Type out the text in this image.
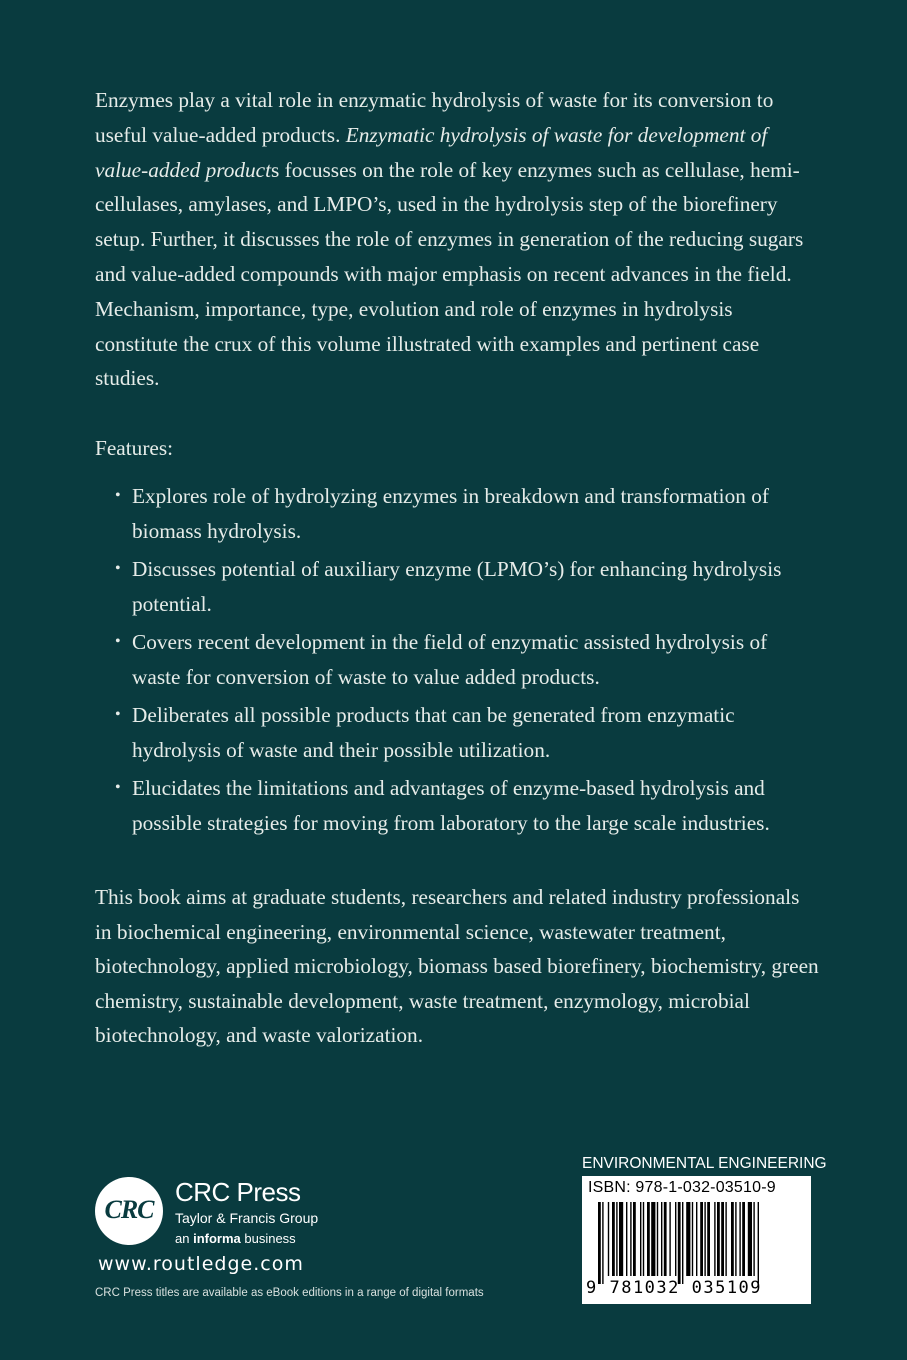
Enzymes play a vital role in enzymatic hydrolysis of waste for its conversion to useful value-added products. Enzymatic hydrolysis of waste for development of value-added products focusses on the role of key enzymes such as cellulase, hemi-cellulases, amylases, and LMPO’s, used in the hydrolysis step of the biorefinery setup. Further, it discusses the role of enzymes in generation of the reducing sugars and value-added compounds with major emphasis on recent advances in the field. Mechanism, importance, type, evolution and role of enzymes in hydrolysis constitute the crux of this volume illustrated with examples and pertinent case studies.

Features:

• Explores role of hydrolyzing enzymes in breakdown and transformation of biomass hydrolysis.
• Discusses potential of auxiliary enzyme (LPMO’s) for enhancing hydrolysis potential.
• Covers recent development in the field of enzymatic assisted hydrolysis of waste for conversion of waste to value added products.
• Deliberates all possible products that can be generated from enzymatic hydrolysis of waste and their possible utilization.
• Elucidates the limitations and advantages of enzyme-based hydrolysis and possible strategies for moving from laboratory to the large scale industries.

This book aims at graduate students, researchers and related industry professionals in biochemical engineering, environmental science, wastewater treatment, biotechnology, applied microbiology, biomass based biorefinery, biochemistry, green chemistry, sustainable development, waste treatment, enzymology, microbial biotechnology, and waste valorization.

CRC
CRC Press
Taylor & Francis Group
an informa business
www.routledge.com
CRC Press titles are available as eBook editions in a range of digital formats
ENVIRONMENTAL ENGINEERING
ISBN: 978-1-032-03510-9
9 781032 035109
